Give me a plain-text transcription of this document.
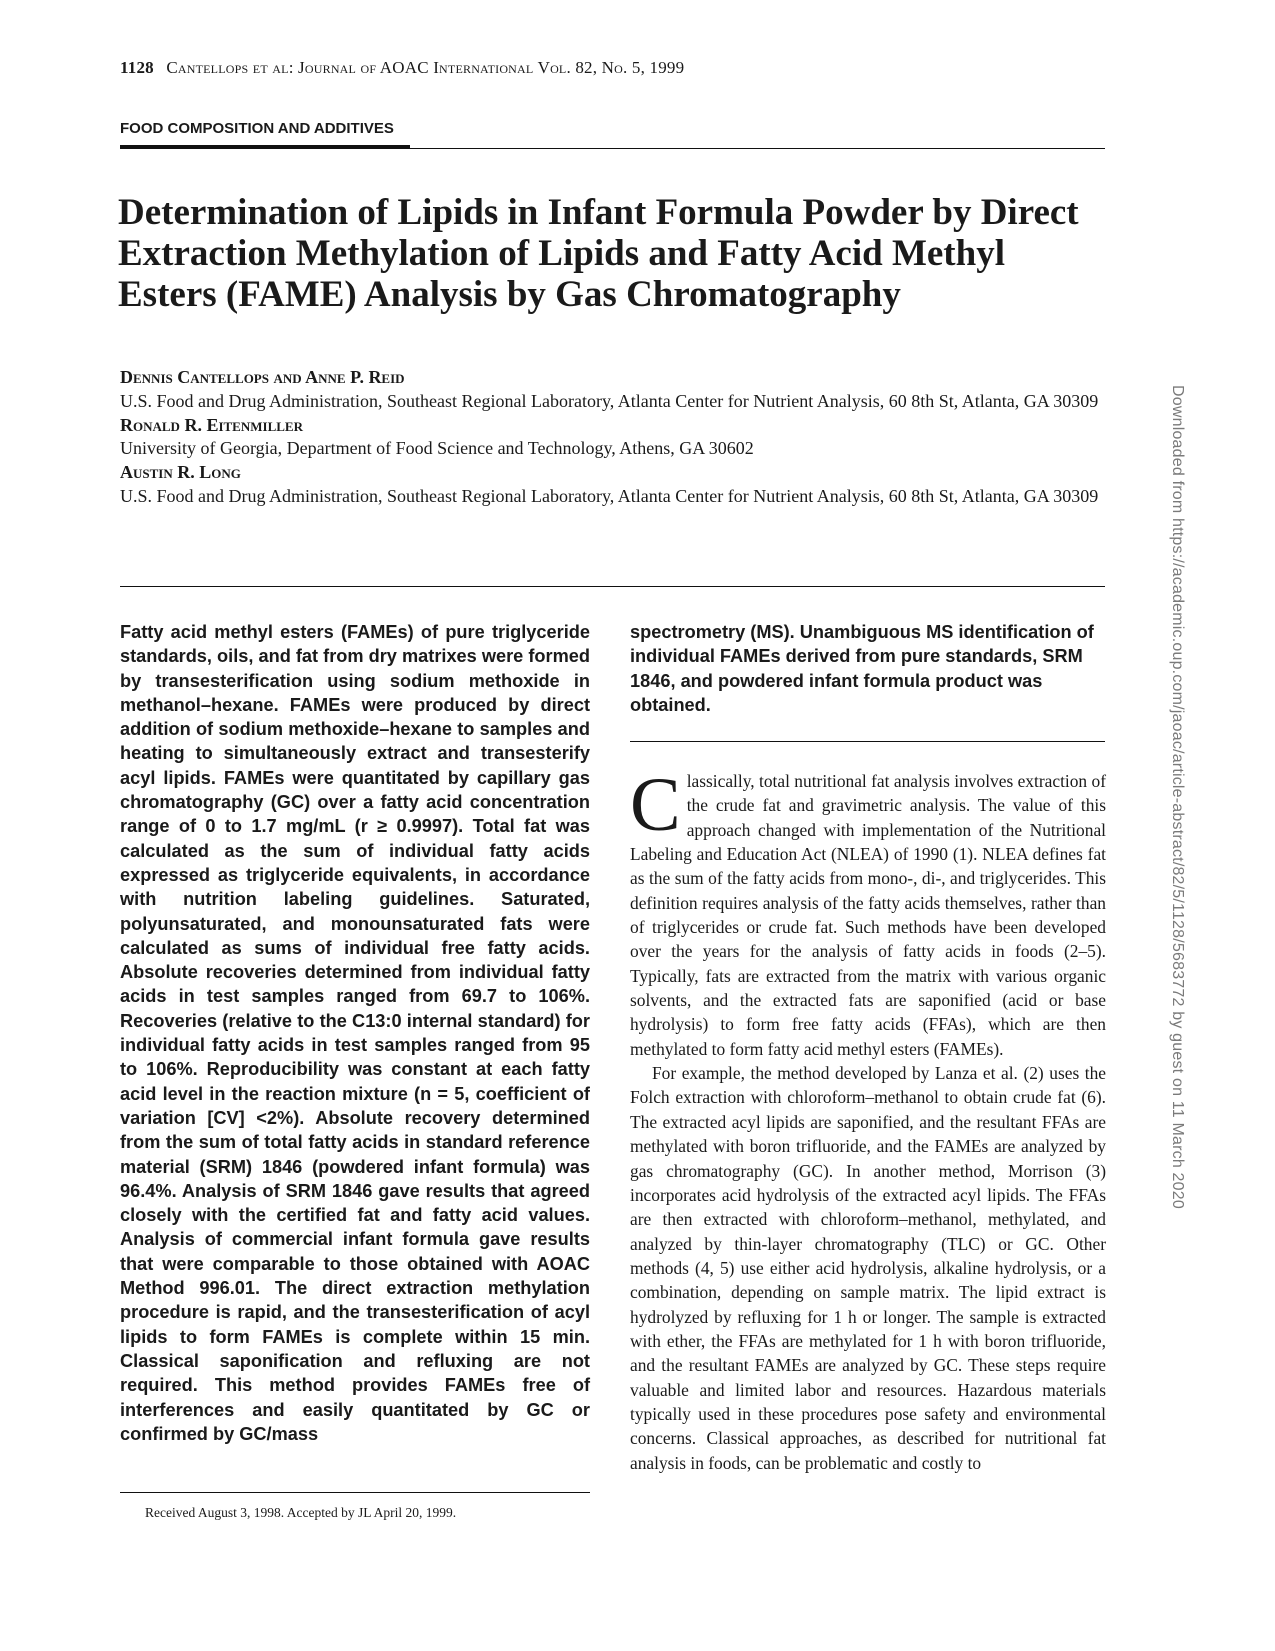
1128 Cantellops et al: Journal of AOAC International Vol. 82, No. 5, 1999
FOOD COMPOSITION AND ADDITIVES
Determination of Lipids in Infant Formula Powder by Direct Extraction Methylation of Lipids and Fatty Acid Methyl Esters (FAME) Analysis by Gas Chromatography
Dennis Cantellops and Anne P. Reid
U.S. Food and Drug Administration, Southeast Regional Laboratory, Atlanta Center for Nutrient Analysis, 60 8th St, Atlanta, GA 30309
Ronald R. Eitenmiller
University of Georgia, Department of Food Science and Technology, Athens, GA 30602
Austin R. Long
U.S. Food and Drug Administration, Southeast Regional Laboratory, Atlanta Center for Nutrient Analysis, 60 8th St, Atlanta, GA 30309

Fatty acid methyl esters (FAMEs) of pure triglyceride standards, oils, and fat from dry matrixes were formed by transesterification using sodium methoxide in methanol–hexane. FAMEs were produced by direct addition of sodium methoxide–hexane to samples and heating to simultaneously extract and transesterify acyl lipids. FAMEs were quantitated by capillary gas chromatography (GC) over a fatty acid concentration range of 0 to 1.7 mg/mL (r ≥ 0.9997). Total fat was calculated as the sum of individual fatty acids expressed as triglyceride equivalents, in accordance with nutrition labeling guidelines. Saturated, polyunsaturated, and monounsaturated fats were calculated as sums of individual free fatty acids. Absolute recoveries determined from individual fatty acids in test samples ranged from 69.7 to 106%. Recoveries (relative to the C13:0 internal standard) for individual fatty acids in test samples ranged from 95 to 106%. Reproducibility was constant at each fatty acid level in the reaction mixture (n = 5, coefficient of variation [CV] <2%). Absolute recovery determined from the sum of total fatty acids in standard reference material (SRM) 1846 (powdered infant formula) was 96.4%. Analysis of SRM 1846 gave results that agreed closely with the certified fat and fatty acid values. Analysis of commercial infant formula gave results that were comparable to those obtained with AOAC Method 996.01. The direct extraction methylation procedure is rapid, and the transesterification of acyl lipids to form FAMEs is complete within 15 min. Classical saponification and refluxing are not required. This method provides FAMEs free of interferences and easily quantitated by GC or confirmed by GC/mass

spectrometry (MS). Unambiguous MS identification of individual FAMEs derived from pure standards, SRM 1846, and powdered infant formula product was obtained.

Classically, total nutritional fat analysis involves extraction of the crude fat and gravimetric analysis. The value of this approach changed with implementation of the Nutritional Labeling and Education Act (NLEA) of 1990 (1). NLEA defines fat as the sum of the fatty acids from mono-, di-, and triglycerides. This definition requires analysis of the fatty acids themselves, rather than of triglycerides or crude fat. Such methods have been developed over the years for the analysis of fatty acids in foods (2–5). Typically, fats are extracted from the matrix with various organic solvents, and the extracted fats are saponified (acid or base hydrolysis) to form free fatty acids (FFAs), which are then methylated to form fatty acid methyl esters (FAMEs).

For example, the method developed by Lanza et al. (2) uses the Folch extraction with chloroform–methanol to obtain crude fat (6). The extracted acyl lipids are saponified, and the resultant FFAs are methylated with boron trifluoride, and the FAMEs are analyzed by gas chromatography (GC). In another method, Morrison (3) incorporates acid hydrolysis of the extracted acyl lipids. The FFAs are then extracted with chloroform–methanol, methylated, and analyzed by thin-layer chromatography (TLC) or GC. Other methods (4, 5) use either acid hydrolysis, alkaline hydrolysis, or a combination, depending on sample matrix. The lipid extract is hydrolyzed by refluxing for 1 h or longer. The sample is extracted with ether, the FFAs are methylated for 1 h with boron trifluoride, and the resultant FAMEs are analyzed by GC. These steps require valuable and limited labor and resources. Hazardous materials typically used in these procedures pose safety and environmental concerns. Classical approaches, as described for nutritional fat analysis in foods, can be problematic and costly to

Received August 3, 1998. Accepted by JL April 20, 1999.
Downloaded from https://academic.oup.com/jaoac/article-abstract/82/5/1128/5683772 by guest on 11 March 2020
